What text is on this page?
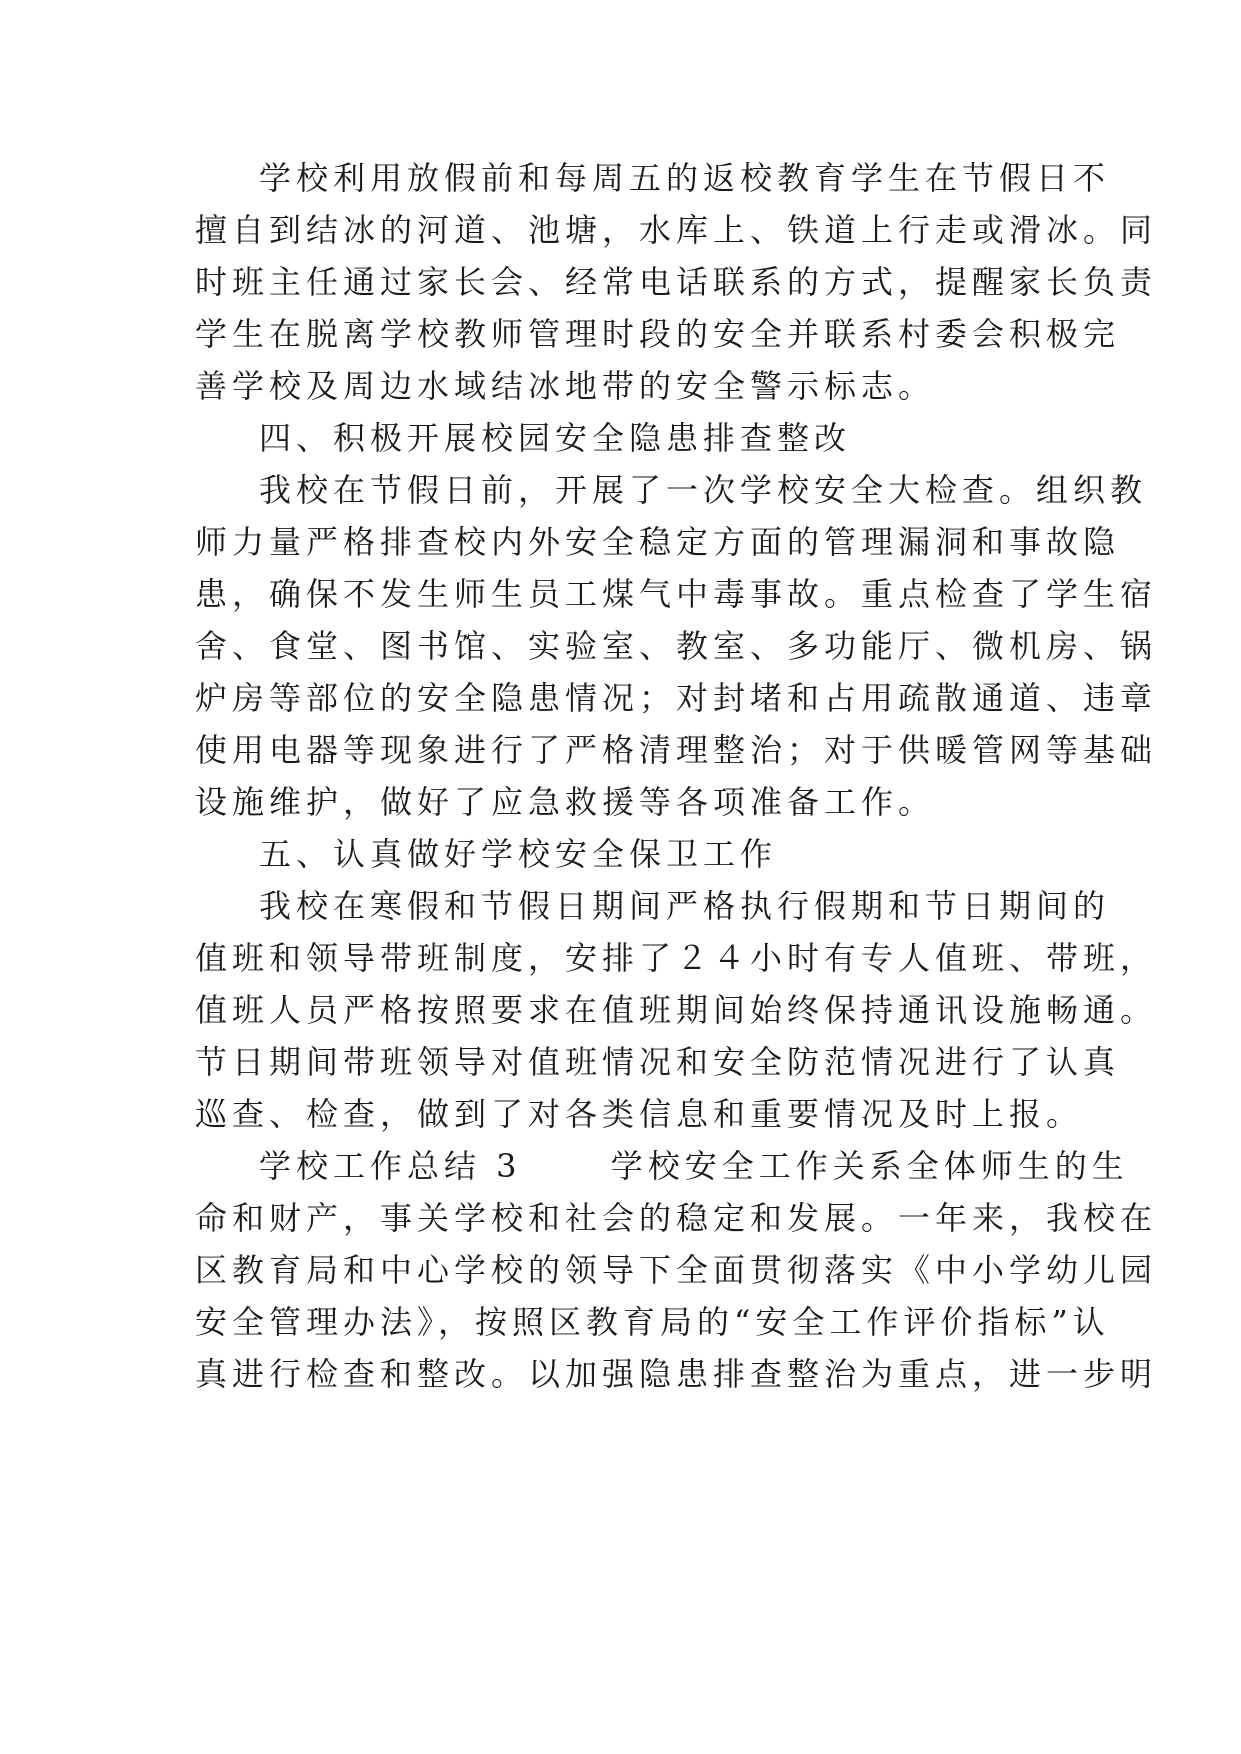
学校利用放假前和每周五的返校教育学生在节假日不
擅自到结冰的河道、池塘，水库上、铁道上行走或滑冰。同
时班主任通过家长会、经常电话联系的方式，提醒家长负责
学生在脱离学校教师管理时段的安全并联系村委会积极完
善学校及周边水域结冰地带的安全警示标志。
四、积极开展校园安全隐患排查整改
我校在节假日前，开展了一次学校安全大检查。组织教
师力量严格排查校内外安全稳定方面的管理漏洞和事故隐
患，确保不发生师生员工煤气中毒事故。重点检查了学生宿
舍、食堂、图书馆、实验室、教室、多功能厅、微机房、锅
炉房等部位的安全隐患情况；对封堵和占用疏散通道、违章
使用电器等现象进行了严格清理整治；对于供暖管网等基础
设施维护，做好了应急救援等各项准备工作。
五、认真做好学校安全保卫工作
我校在寒假和节假日期间严格执行假期和节日期间的
值班和领导带班制度，安排了２４小时有专人值班、带班，
值班人员严格按照要求在值班期间始终保持通讯设施畅通。
节日期间带班领导对值班情况和安全防范情况进行了认真
巡查、检查，做到了对各类信息和重要情况及时上报。
学校工作总结 3 　　学校安全工作关系全体师生的生
命和财产，事关学校和社会的稳定和发展。一年来，我校在
区教育局和中心学校的领导下全面贯彻落实《中小学幼儿园
安全管理办法》，按照区教育局的“安全工作评价指标”认
真进行检查和整改。以加强隐患排查整治为重点，进一步明
